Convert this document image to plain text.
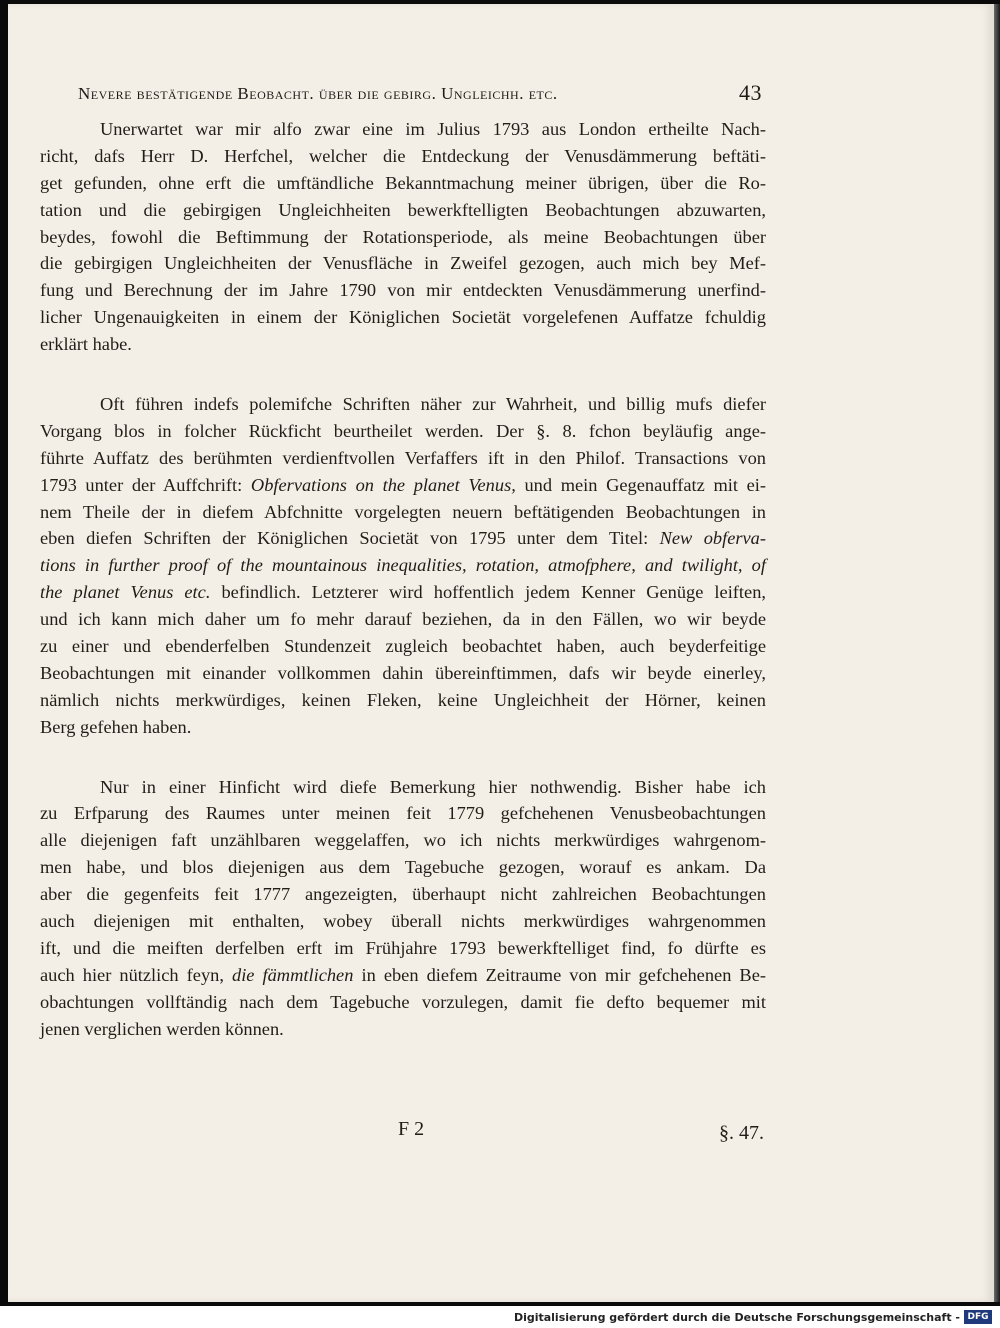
Nevere bestätigende Beobacht. über die gebirg. Ungleichh. etc.	43
Unerwartet war mir alfo zwar eine im Julius 1793 aus London ertheilte Nach-
richt, dafs Herr D. Herfchel, welcher die Entdeckung der Venusdämmerung beftäti-
get gefunden, ohne erft die umftändliche Bekanntmachung meiner übrigen, über die Ro-
tation und die gebirgigen Ungleichheiten bewerkftelligten Beobachtungen abzuwarten,
beydes, fowohl die Beftimmung der Rotationsperiode, als meine Beobachtungen über
die gebirgigen Ungleichheiten der Venusfläche in Zweifel gezogen, auch mich bey Mef-
fung und Berechnung der im Jahre 1790 von mir entdeckten Venusdämmerung unerfind-
licher Ungenauigkeiten in einem der Königlichen Societät vorgelefenen Auffatze fchuldig
erklärt habe.
Oft führen indefs polemifche Schriften näher zur Wahrheit, und billig mufs diefer
Vorgang blos in folcher Rückficht beurtheilet werden. Der §. 8. fchon beyläufig ange-
führte Auffatz des berühmten verdienftvollen Verfaffers ift in den Philof. Transactions von
1793 unter der Auffchrift: Obfervations on the planet Venus, und mein Gegenauffatz mit ei-
nem Theile der in diefem Abfchnitte vorgelegten neuern beftätigenden Beobachtungen in
eben diefen Schriften der Königlichen Societät von 1795 unter dem Titel: New obferva-
tions in further proof of the mountainous inequalities, rotation, atmofphere, and twilight, of
the planet Venus etc. befindlich. Letzterer wird hoffentlich jedem Kenner Genüge leiften,
und ich kann mich daher um fo mehr darauf beziehen, da in den Fällen, wo wir beyde
zu einer und ebenderfelben Stundenzeit zugleich beobachtet haben, auch beyderfeitige
Beobachtungen mit einander vollkommen dahin übereinftimmen, dafs wir beyde einerley,
nämlich nichts merkwürdiges, keinen Fleken, keine Ungleichheit der Hörner, keinen
Berg gefehen haben.
Nur in einer Hinficht wird diefe Bemerkung hier nothwendig. Bisher habe ich
zu Erfparung des Raumes unter meinen feit 1779 gefchehenen Venusbeobachtungen
alle diejenigen faft unzählbaren weggelaffen, wo ich nichts merkwürdiges wahrgenom-
men habe, und blos diejenigen aus dem Tagebuche gezogen, worauf es ankam. Da
aber die gegenfeits feit 1777 angezeigten, überhaupt nicht zahlreichen Beobachtungen
auch diejenigen mit enthalten, wobey überall nichts merkwürdiges wahrgenommen
ift, und die meiften derfelben erft im Frühjahre 1793 bewerkftelliget find, fo dürfte es
auch hier nützlich feyn, die fämmtlichen in eben diefem Zeitraume von mir gefchehenen Be-
obachtungen vollftändig nach dem Tagebuche vorzulegen, damit fie defto bequemer mit
jenen verglichen werden können.
F 2	§. 47.
Digitalisierung gefördert durch die Deutsche Forschungsgemeinschaft - DFG
